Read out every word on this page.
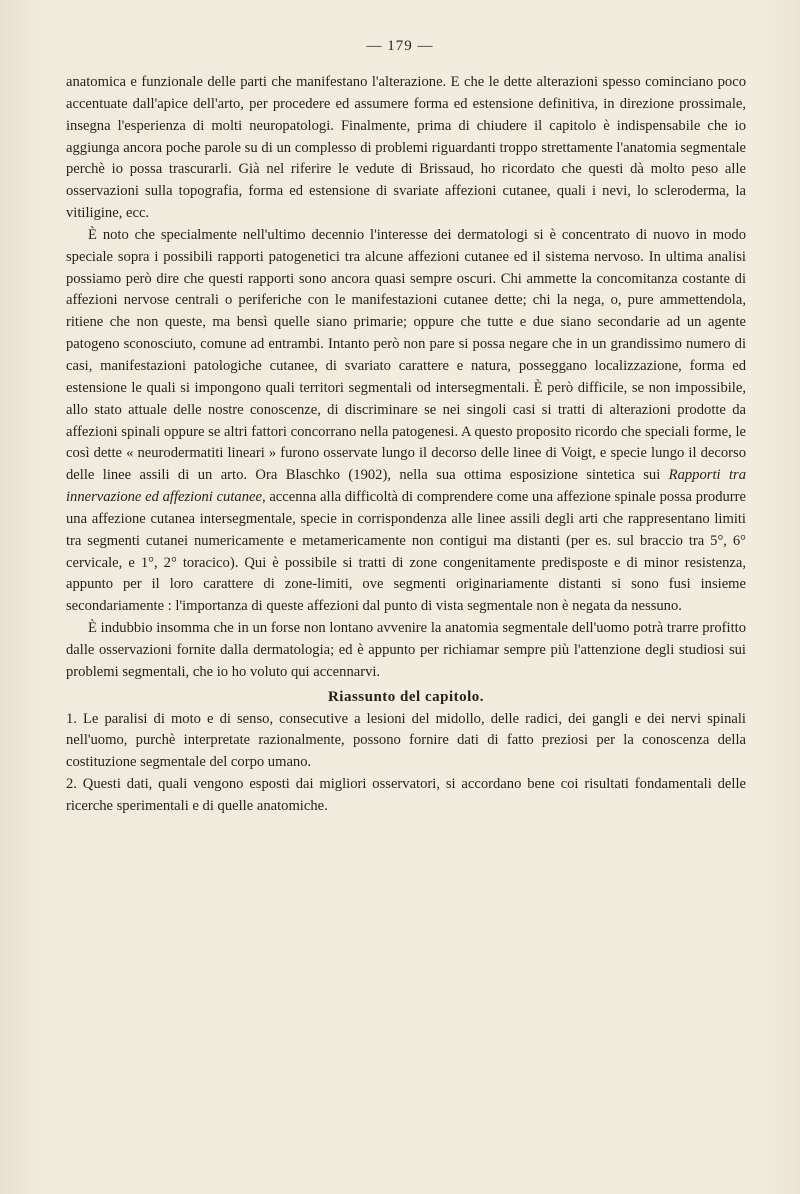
— 179 —

anatomica e funzionale delle parti che manifestano l'alterazione. E che le dette alterazioni spesso cominciano poco accentuate dall'apice dell'arto, per procedere ed assumere forma ed estensione definitiva, in direzione prossimale, insegna l'esperienza di molti neuropatologi. Finalmente, prima di chiudere il capitolo è indispensabile che io aggiunga ancora poche parole su di un complesso di problemi riguardanti troppo strettamente l'anatomia segmentale perchè io possa trascurarli. Già nel riferire le vedute di Brissaud, ho ricordato che questi dà molto peso alle osservazioni sulla topografia, forma ed estensione di svariate affezioni cutanee, quali i nevi, lo scleroderma, la vitiligine, ecc.

È noto che specialmente nell'ultimo decennio l'interesse dei dermatologi si è concentrato di nuovo in modo speciale sopra i possibili rapporti patogenetici tra alcune affezioni cutanee ed il sistema nervoso. In ultima analisi possiamo però dire che questi rapporti sono ancora quasi sempre oscuri. Chi ammette la concomitanza costante di affezioni nervose centrali o periferiche con le manifestazioni cutanee dette; chi la nega, o, pure ammettendola, ritiene che non queste, ma bensì quelle siano primarie; oppure che tutte e due siano secondarie ad un agente patogeno sconosciuto, comune ad entrambi. Intanto però non pare si possa negare che in un grandissimo numero di casi, manifestazioni patologiche cutanee, di svariato carattere e natura, posseggano localizzazione, forma ed estensione le quali si impongono quali territori segmentali od intersegmentali. È però difficile, se non impossibile, allo stato attuale delle nostre conoscenze, di discriminare se nei singoli casi si tratti di alterazioni prodotte da affezioni spinali oppure se altri fattori concorrano nella patogenesi. A questo proposito ricordo che speciali forme, le così dette « neurodermatiti lineari » furono osservate lungo il decorso delle linee di Voigt, e specie lungo il decorso delle linee assili di un arto. Ora Blaschko (1902), nella sua ottima esposizione sintetica sui Rapporti tra innervazione ed affezioni cutanee, accenna alla difficoltà di comprendere come una affezione spinale possa produrre una affezione cutanea intersegmentale, specie in corrispondenza alle linee assili degli arti che rappresentano limiti tra segmenti cutanei numericamente e metamericamente non contigui ma distanti (per es. sul braccio tra 5°, 6° cervicale, e 1°, 2° toracico). Qui è possibile si tratti di zone congenitamente predisposte e di minor resistenza, appunto per il loro carattere di zone-limiti, ove segmenti originariamente distanti si sono fusi insieme secondariamente : l'importanza di queste affezioni dal punto di vista segmentale non è negata da nessuno.

È indubbio insomma che in un forse non lontano avvenire la anatomia segmentale dell'uomo potrà trarre profitto dalle osservazioni fornite dalla dermatologia; ed è appunto per richiamar sempre più l'attenzione degli studiosi sui problemi segmentali, che io ho voluto qui accennarvi.

Riassunto del capitolo.

1. Le paralisi di moto e di senso, consecutive a lesioni del midollo, delle radici, dei gangli e dei nervi spinali nell'uomo, purchè interpretate razionalmente, possono fornire dati di fatto preziosi per la conoscenza della costituzione segmentale del corpo umano.

2. Questi dati, quali vengono esposti dai migliori osservatori, si accordano bene coi risultati fondamentali delle ricerche sperimentali e di quelle anatomiche.
